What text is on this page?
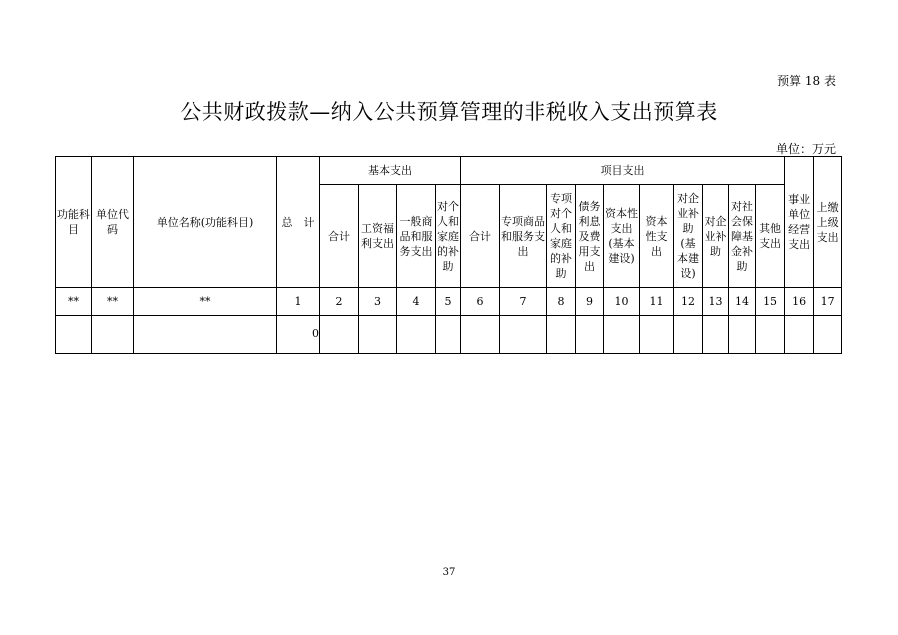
预算 18 表
公共财政拨款—纳入公共预算管理的非税收入支出预算表
单位：万元
功能科目	单位代码	单位名称(功能科目)	总　计	基本支出				项目支出										事业单位经营支出	上缴上级支出
				合计	工资福利支出	一般商品和服务支出	对个人和家庭的补助	合计	专项商品和服务支出	专项对个人和家庭的补助	债务利息及费用支出	资本性支出(基本建设)	资本性支出	对企业补助(基本建设)	对企业补助	对社会保障基金补助	其他支出		
**	**	**	1	2	3	4	5	6	7	8	9	10	11	12	13	14	15	16	17
			0																
37
